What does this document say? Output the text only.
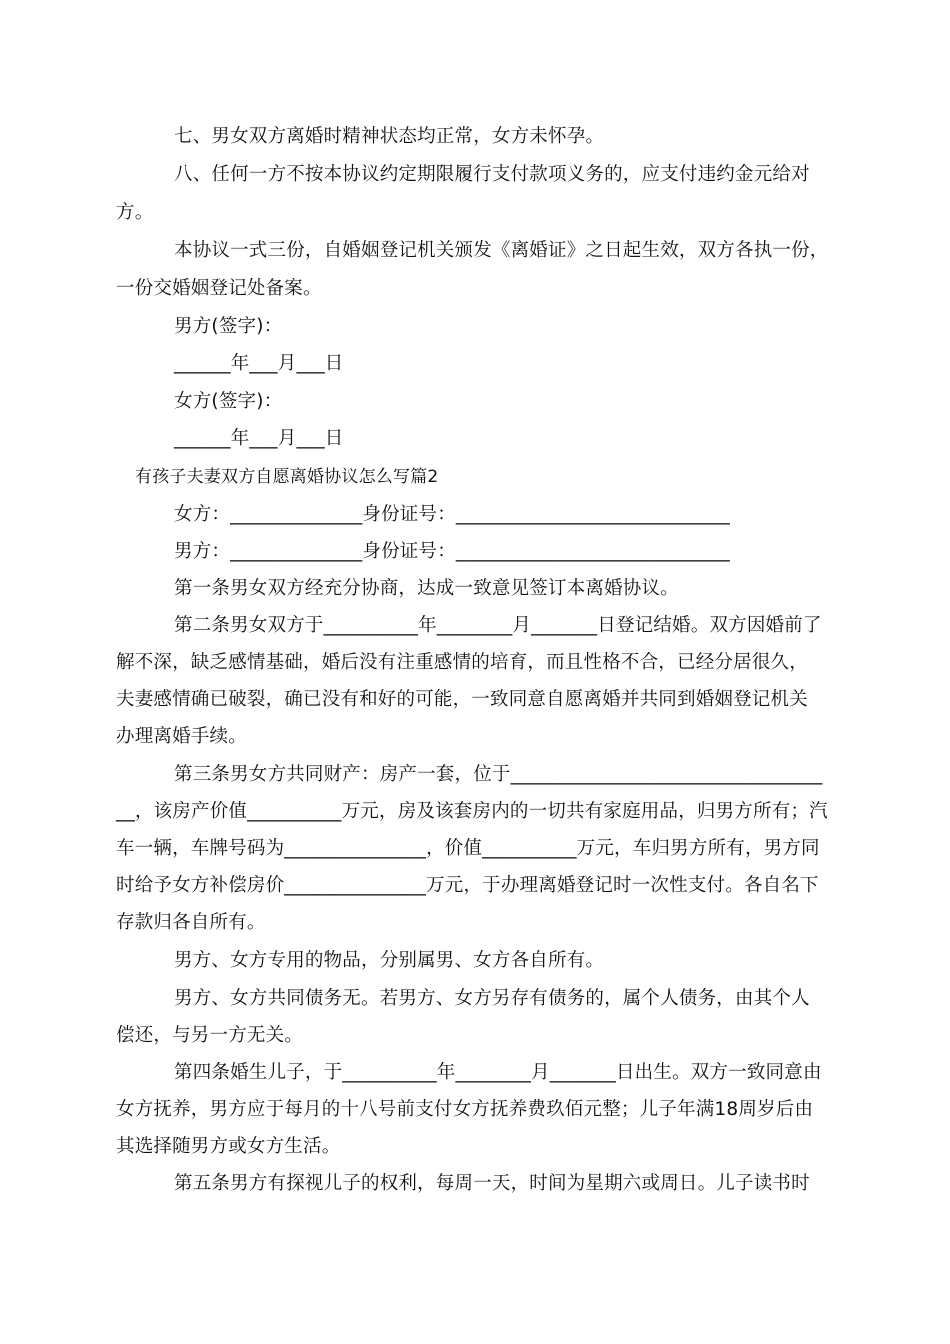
七、男女双方离婚时精神状态均正常，女方未怀孕。
八、任何一方不按本协议约定期限履行支付款项义务的，应支付违约金元给对
方。
本协议一式三份，自婚姻登记机关颁发《离婚证》之日起生效，双方各执一份，
一份交婚姻登记处备案。
男方(签字)：
______年___月___日
女方(签字)：
______年___月___日
有孩子夫妻双方自愿离婚协议怎么写篇2
女方：______________身份证号：_____________________________
男方：______________身份证号：_____________________________
第一条男女双方经充分协商，达成一致意见签订本离婚协议。
第二条男女双方于__________年________月_______日登记结婚。双方因婚前了
解不深，缺乏感情基础，婚后没有注重感情的培育，而且性格不合，已经分居很久，
夫妻感情确已破裂，确已没有和好的可能，一致同意自愿离婚并共同到婚姻登记机关
办理离婚手续。
第三条男女方共同财产：房产一套，位于_________________________________
__，该房产价值__________万元，房及该套房内的一切共有家庭用品，归男方所有；汽
车一辆，车牌号码为_______________，价值__________万元，车归男方所有，男方同
时给予女方补偿房价_______________万元，于办理离婚登记时一次性支付。各自名下
存款归各自所有。
男方、女方专用的物品，分别属男、女方各自所有。
男方、女方共同债务无。若男方、女方另存有债务的，属个人债务，由其个人
偿还，与另一方无关。
第四条婚生儿子，于__________年________月_______日出生。双方一致同意由
女方抚养，男方应于每月的十八号前支付女方抚养费玖佰元整；儿子年满18周岁后由
其选择随男方或女方生活。
第五条男方有探视儿子的权利，每周一天，时间为星期六或周日。儿子读书时
